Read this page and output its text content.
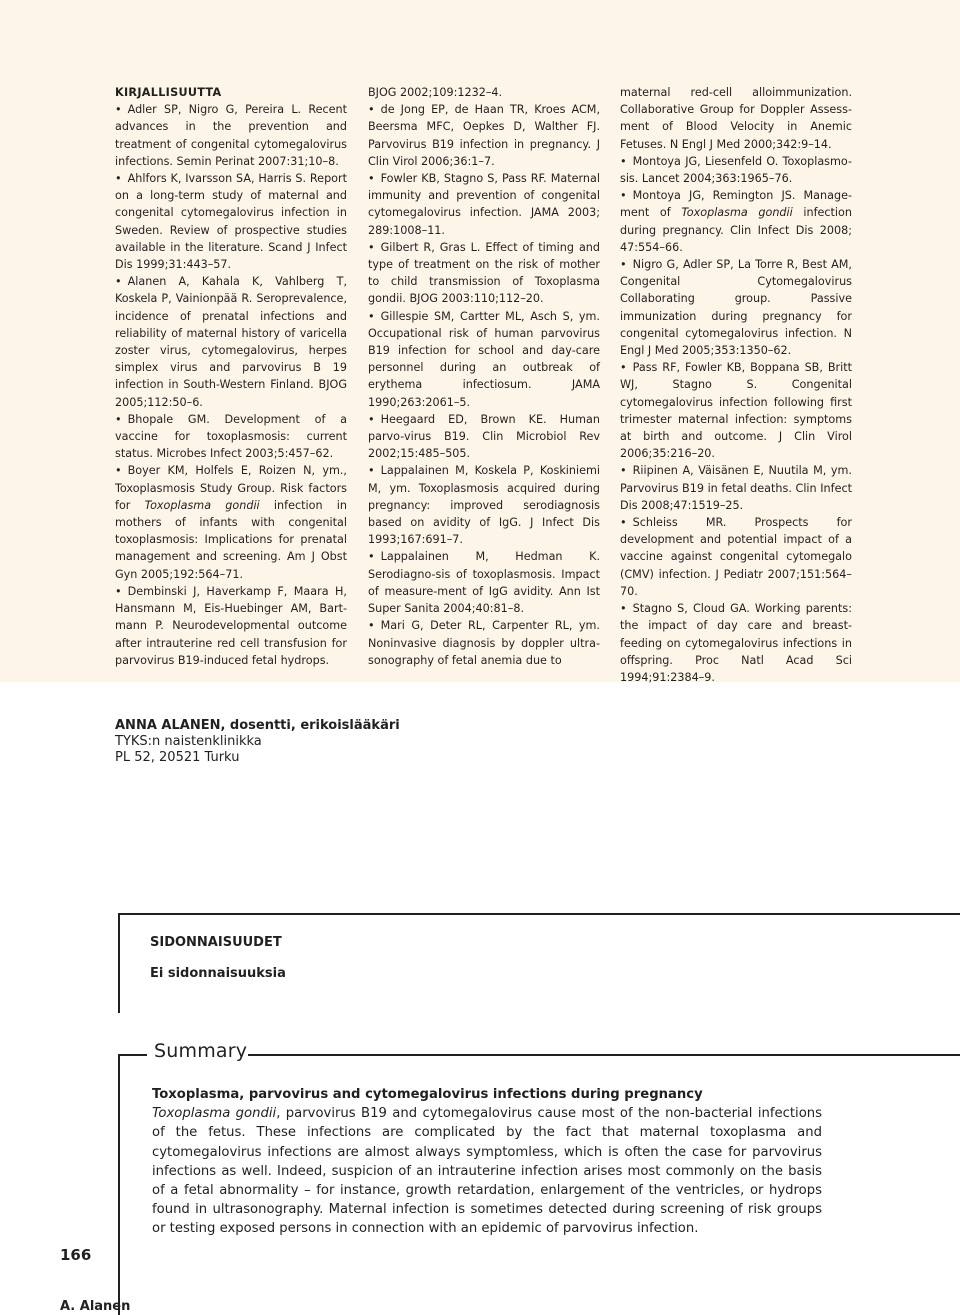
KIRJALLISUUTTA

• Adler SP, Nigro G, Pereira L. Recent advances in the prevention and treatment of congenital cytomegalovirus infections. Semin Perinat 2007:31;10–8.

• Ahlfors K, Ivarsson SA, Harris S. Report on a long-term study of maternal and congenital cytomegalovirus infection in Sweden. Review of prospective studies available in the literature. Scand J Infect Dis 1999;31:443–57.

• Alanen A, Kahala K, Vahlberg T, Koskela P, Vainionpää R. Seroprevalence, incidence of prenatal infections and reliability of maternal history of varicella zoster virus, cytomegalovirus, herpes simplex virus and parvovirus B 19 infection in South-Western Finland. BJOG 2005;112:50–6.

• Bhopale GM. Development of a vaccine for toxoplasmosis: current status. Microbes Infect 2003;5:457–62.

• Boyer KM, Holfels E, Roizen N, ym., Toxoplasmosis Study Group. Risk factors for Toxoplasma gondii infection in mothers of infants with congenital toxoplasmosis: Implications for prenatal management and screening. Am J Obst Gyn 2005;192:564–71.

• Dembinski J, Haverkamp F, Maara H, Hansmann M, Eis-Huebinger AM, Bart-mann P. Neurodevelopmental outcome after intrauterine red cell transfusion for parvovirus B19-induced fetal hydrops.

BJOG 2002;109:1232–4.

• de Jong EP, de Haan TR, Kroes ACM, Beersma MFC, Oepkes D, Walther FJ. Parvovirus B19 infection in pregnancy. J Clin Virol 2006;36:1–7.

• Fowler KB, Stagno S, Pass RF. Maternal immunity and prevention of congenital cytomegalovirus infection. JAMA 2003; 289:1008–11.

• Gilbert R, Gras L. Effect of timing and type of treatment on the risk of mother to child transmission of Toxoplasma gondii. BJOG 2003:110;112–20.

• Gillespie SM, Cartter ML, Asch S, ym. Occupational risk of human parvovirus B19 infection for school and day-care personnel during an outbreak of erythema infectiosum. JAMA 1990;263:2061–5.

• Heegaard ED, Brown KE. Human parvo-virus B19. Clin Microbiol Rev 2002;15:485–505.

• Lappalainen M, Koskela P, Koskiniemi M, ym. Toxoplasmosis acquired during pregnancy: improved serodiagnosis based on avidity of IgG. J Infect Dis 1993;167:691–7.

• Lappalainen M, Hedman K. Serodiagno-sis of toxoplasmosis. Impact of measure-ment of IgG avidity. Ann Ist Super Sanita 2004;40:81–8.

• Mari G, Deter RL, Carpenter RL, ym. Noninvasive diagnosis by doppler ultra-sonography of fetal anemia due to

maternal red-cell alloimmunization. Collaborative Group for Doppler Assess-ment of Blood Velocity in Anemic Fetuses. N Engl J Med 2000;342:9–14.

• Montoya JG, Liesenfeld O. Toxoplasmo-sis. Lancet 2004;363:1965–76.

• Montoya JG, Remington JS. Manage-ment of Toxoplasma gondii infection during pregnancy. Clin Infect Dis 2008; 47:554–66.

• Nigro G, Adler SP, La Torre R, Best AM, Congenital Cytomegalovirus Collaborating group. Passive immunization during pregnancy for congenital cytomegalovirus infection. N Engl J Med 2005;353:1350–62.

• Pass RF, Fowler KB, Boppana SB, Britt WJ, Stagno S. Congenital cytomegalovirus infection following first trimester maternal infection: symptoms at birth and outcome. J Clin Virol 2006;35:216–20.

• Riipinen A, Väisänen E, Nuutila M, ym. Parvovirus B19 in fetal deaths. Clin Infect Dis 2008;47:1519–25.

• Schleiss MR. Prospects for development and potential impact of a vaccine against congenital cytomegalo (CMV) infection. J Pediatr 2007;151:564–70.

• Stagno S, Cloud GA. Working parents: the impact of day care and breast-feeding on cytomegalovirus infections in offspring. Proc Natl Acad Sci 1994;91:2384–9.

ANNA ALANEN, dosentti, erikoislääkäri
TYKS:n naistenklinikka
PL 52, 20521 Turku
SIDONNAISUUDET
Ei sidonnaisuuksia
Summary
Toxoplasma, parvovirus and cytomegalovirus infections during pregnancy
Toxoplasma gondii, parvovirus B19 and cytomegalovirus cause most of the non-bacterial infections of the fetus. These infections are complicated by the fact that maternal toxoplasma and cytomegalovirus infections are almost always symptomless, which is often the case for parvovirus infections as well. Indeed, suspicion of an intrauterine infection arises most commonly on the basis of a fetal abnormality – for instance, growth retardation, enlargement of the ventricles, or hydrops found in ultrasonography. Maternal infection is sometimes detected during screening of risk groups or testing exposed persons in connection with an epidemic of parvovirus infection.
166
A. Alanen
